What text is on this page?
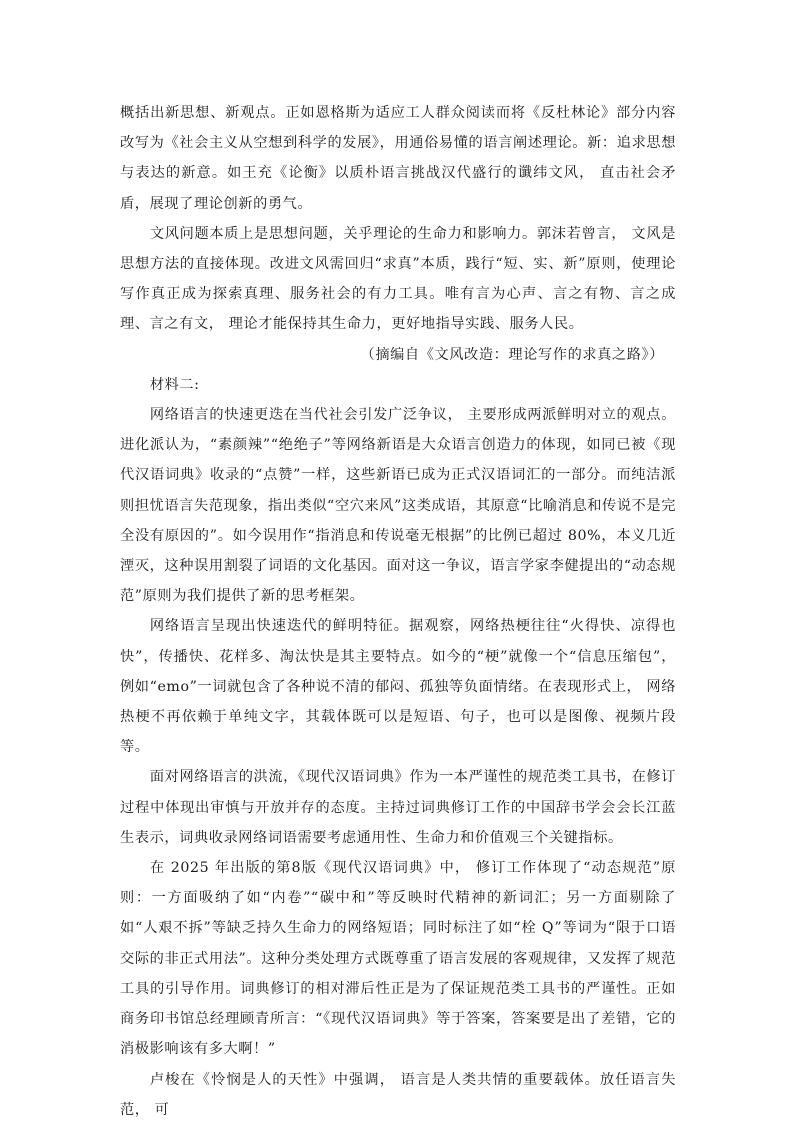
概括出新思想、新观点。正如恩格斯为适应工人群众阅读而将《反杜林论》部分内容改写为《社会主义从空想到科学的发展》，用通俗易懂的语言阐述理论。新：追求思想与表达的新意。如王充《论衡》以质朴语言挑战汉代盛行的谶纬文风， 直击社会矛盾，展现了理论创新的勇气。

文风问题本质上是思想问题，关乎理论的生命力和影响力。郭沫若曾言， 文风是思想方法的直接体现。改进文风需回归“求真”本质，践行“短、实、新”原则，使理论写作真正成为探索真理、服务社会的有力工具。唯有言为心声、言之有物、言之成理、言之有文， 理论才能保持其生命力，更好地指导实践、服务人民。

（摘编自《文风改造：理论写作的求真之路》）

材料二:

网络语言的快速更迭在当代社会引发广泛争议， 主要形成两派鲜明对立的观点。进化派认为，“素颜辣”“绝绝子”等网络新语是大众语言创造力的体现，如同已被《现代汉语词典》收录的“点赞”一样，这些新语已成为正式汉语词汇的一部分。而纯洁派则担忧语言失范现象，指出类似“空穴来风”这类成语，其原意“比喻消息和传说不是完全没有原因的”。如今误用作“指消息和传说毫无根据”的比例已超过 80%，本义几近湮灭，这种误用割裂了词语的文化基因。面对这一争议，语言学家李健提出的“动态规范”原则为我们提供了新的思考框架。

网络语言呈现出快速迭代的鲜明特征。据观察，网络热梗往往“火得快、凉得也快”，传播快、花样多、淘汰快是其主要特点。如今的“梗”就像一个“信息压缩包”，例如“emo”一词就包含了各种说不清的郁闷、孤独等负面情绪。在表现形式上， 网络热梗不再依赖于单纯文字，其载体既可以是短语、句子，也可以是图像、视频片段等。

面对网络语言的洪流，《现代汉语词典》作为一本严谨性的规范类工具书，在修订过程中体现出审慎与开放并存的态度。主持过词典修订工作的中国辞书学会会长江蓝生表示，词典收录网络词语需要考虑通用性、生命力和价值观三个关键指标。

在 2025 年出版的第8版《现代汉语词典》中， 修订工作体现了“动态规范”原则：一方面吸纳了如“内卷”“碳中和”等反映时代精神的新词汇；另一方面剔除了如“人艰不拆”等缺乏持久生命力的网络短语；同时标注了如“栓 Q”等词为“限于口语交际的非正式用法”。这种分类处理方式既尊重了语言发展的客观规律，又发挥了规范工具的引导作用。词典修订的相对滞后性正是为了保证规范类工具书的严谨性。正如商务印书馆总经理顾青所言：“《现代汉语词典》等于答案，答案要是出了差错，它的消极影响该有多大啊！”

卢梭在《怜悯是人的天性》中强调， 语言是人类共情的重要载体。放任语言失范， 可
